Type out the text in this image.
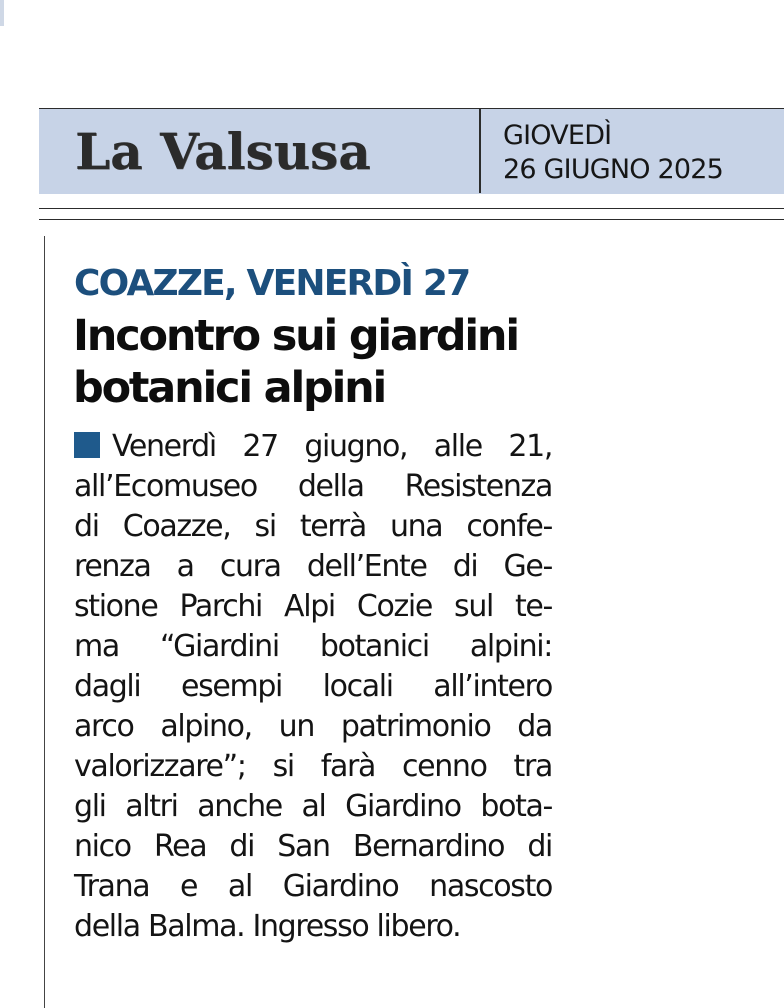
La Valsusa	GIOVEDÌ
26 GIUGNO 2025
COAZZE, VENERDÌ 27
Incontro sui giardini
botanici alpini
Venerdì 27 giugno, alle 21,
all’Ecomuseo della Resistenza
di Coazze, si terrà una confe-
renza a cura dell’Ente di Ge-
stione Parchi Alpi Cozie sul te-
ma “Giardini botanici alpini:
dagli esempi locali all’intero
arco alpino, un patrimonio da
valorizzare”; si farà cenno tra
gli altri anche al Giardino bota-
nico Rea di San Bernardino di
Trana e al Giardino nascosto
della Balma. Ingresso libero.
